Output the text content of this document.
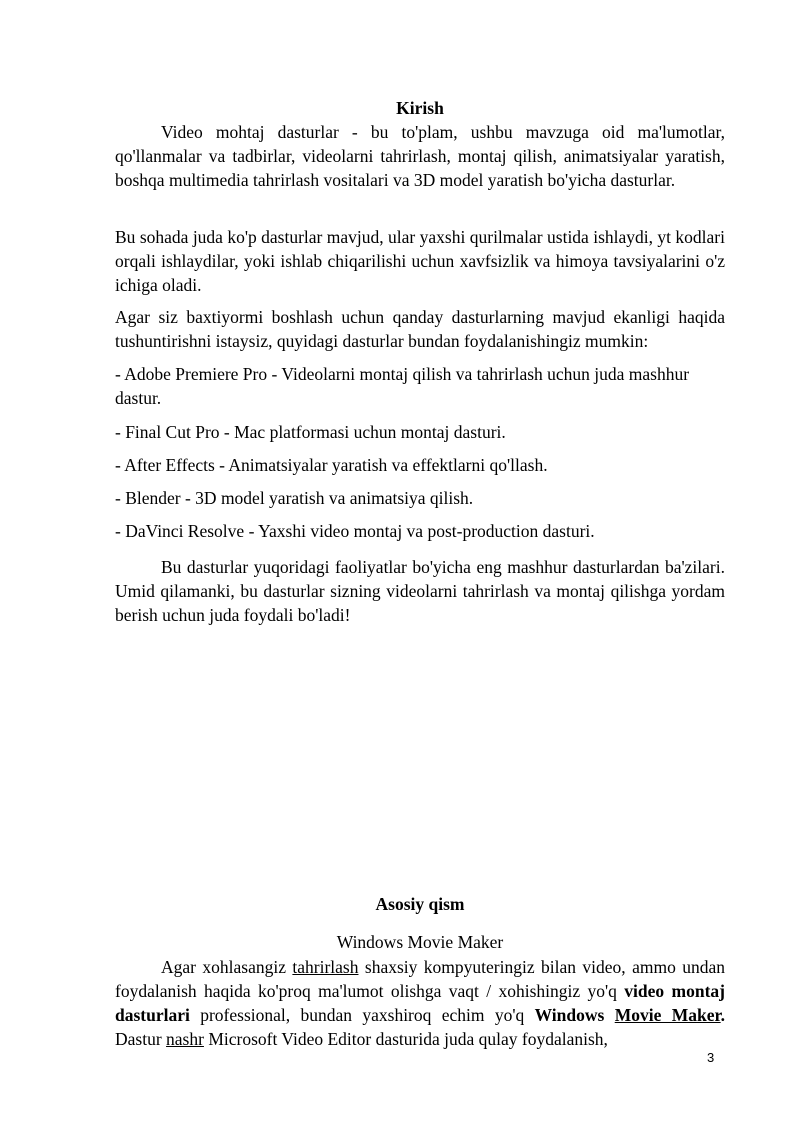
Kirish

Video mohtaj dasturlar - bu to'plam, ushbu mavzuga oid ma'lumotlar, qo'llanmalar va tadbirlar, videolarni tahrirlash, montaj qilish, animatsiyalar yaratish, boshqa multimedia tahrirlash vositalari va 3D model yaratish bo'yicha dasturlar.

Bu sohada juda ko'p dasturlar mavjud, ular yaxshi qurilmalar ustida ishlaydi, yt kodlari orqali ishlaydilar, yoki ishlab chiqarilishi uchun xavfsizlik va himoya tavsiyalarini o'z ichiga oladi.

Agar siz baxtiyormi boshlash uchun qanday dasturlarning mavjud ekanligi haqida tushuntirishni istaysiz, quyidagi dasturlar bundan foydalanishingiz mumkin:

- Adobe Premiere Pro - Videolarni montaj qilish va tahrirlash uchun juda mashhur dastur.

- Final Cut Pro - Mac platformasi uchun montaj dasturi.

- After Effects - Animatsiyalar yaratish va effektlarni qo'llash.

- Blender - 3D model yaratish va animatsiya qilish.

- DaVinci Resolve - Yaxshi video montaj va post-production dasturi.

Bu dasturlar yuqoridagi faoliyatlar bo'yicha eng mashhur dasturlardan ba'zilari. Umid qilamanki, bu dasturlar sizning videolarni tahrirlash va montaj qilishga yordam berish uchun juda foydali bo'ladi!

Asosiy qism
Windows Movie Maker

Agar xohlasangiz tahrirlash shaxsiy kompyuteringiz bilan video, ammo undan foydalanish haqida ko'proq ma'lumot olishga vaqt / xohishingiz yo'q video montaj dasturlari professional, bundan yaxshiroq echim yo'q Windows Movie Maker. Dastur nashr Microsoft Video Editor dasturida juda qulay foydalanish,

3
